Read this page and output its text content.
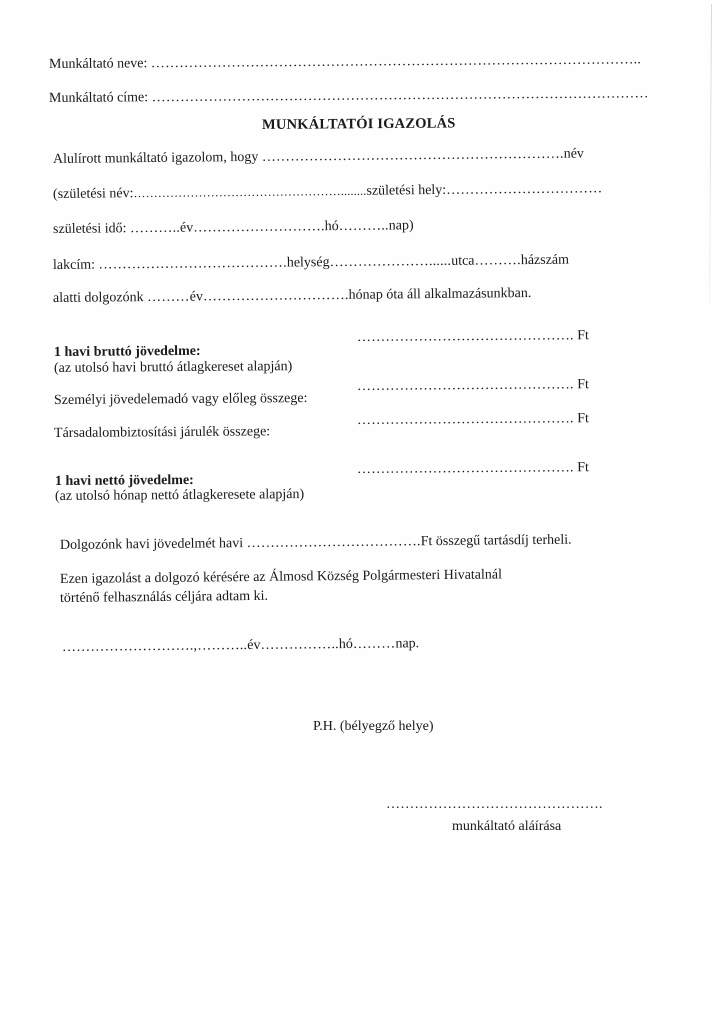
Munkáltató neve: …………………………………………………………………………………………..
Munkáltató címe: ……………………………………………………………………………………………
MUNKÁLTATÓI IGAZOLÁS
Alulírott munkáltató igazolom, hogy ……………………………………………………….név
(születési név:……………………………………………........születési hely:……………………………
születési idő: ………..év……………………….hó………..nap)
lakcím: ………………………………….helység…………………......utca……….házszám
alatti dolgozónk ………év………………………….hónap óta áll alkalmazásunkban.
1 havi bruttó jövedelme:
(az utolsó havi bruttó átlagkereset alapján)
………………………………………. Ft
Személyi jövedelemadó vagy előleg összege:
………………………………………. Ft
Társadalombiztosítási járulék összege:
………………………………………. Ft
1 havi nettó jövedelme:
(az utolsó hónap nettó átlagkeresete alapján)
………………………………………. Ft
Dolgozónk havi jövedelmét havi ……………………………….Ft összegű tartásdíj terheli.
Ezen igazolást a dolgozó kérésére az Álmosd Község Polgármesteri Hivatalnál
történő felhasználás céljára adtam ki.
……………………….,………..év……………..hó………nap.
P.H. (bélyegző helye)
……………………………………….
munkáltató aláírása
